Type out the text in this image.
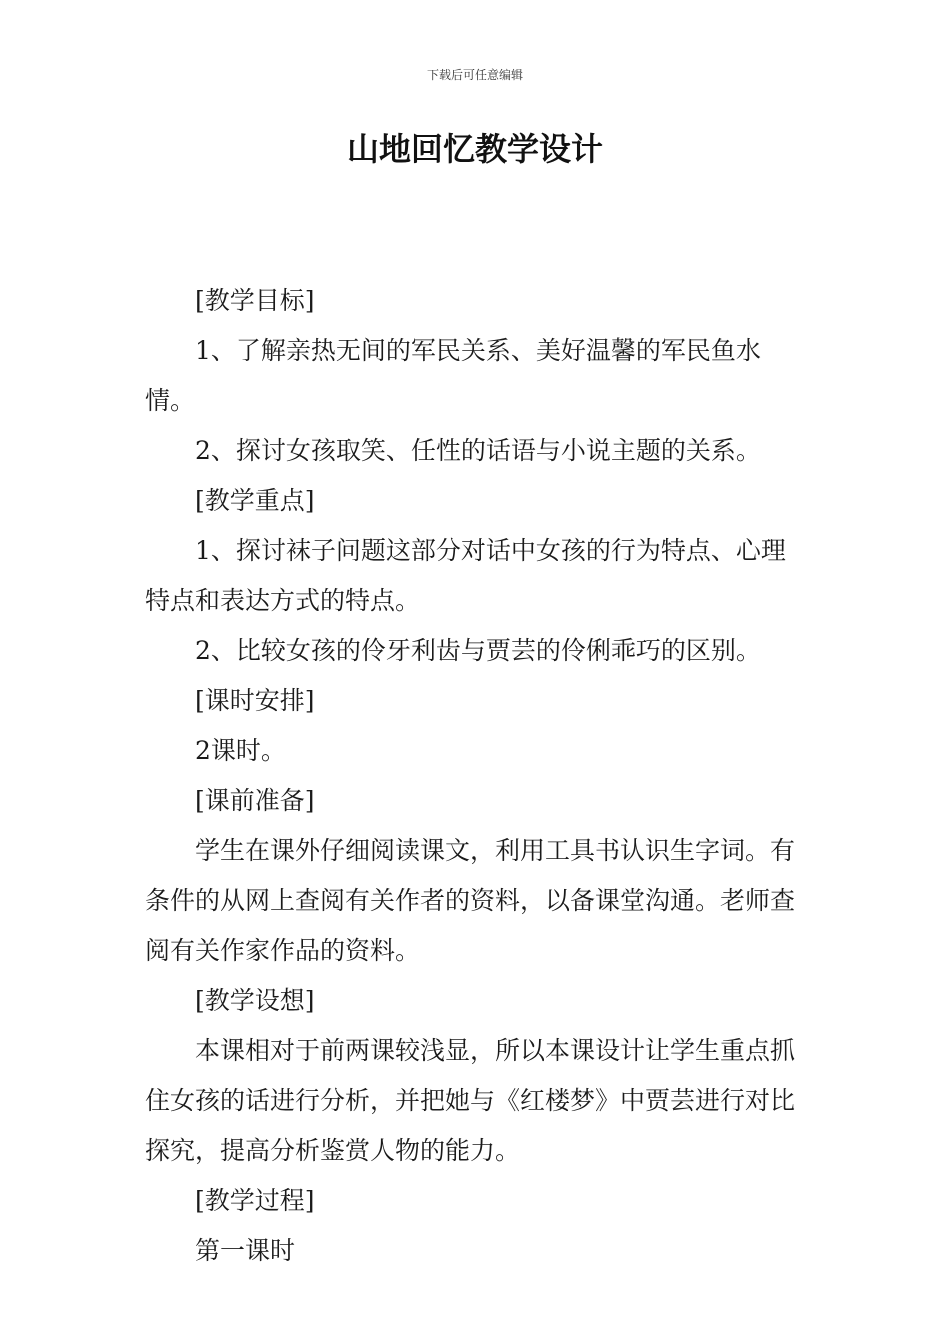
下载后可任意编辑
山地回忆教学设计

[教学目标]

1、了解亲热无间的军民关系、美好温馨的军民鱼水情。

2、探讨女孩取笑、任性的话语与小说主题的关系。

[教学重点]

1、探讨袜子问题这部分对话中女孩的行为特点、心理特点和表达方式的特点。

2、比较女孩的伶牙利齿与贾芸的伶俐乖巧的区别。

[课时安排]

2课时。

[课前准备]

学生在课外仔细阅读课文，利用工具书认识生字词。有条件的从网上查阅有关作者的资料，以备课堂沟通。老师查阅有关作家作品的资料。

[教学设想]

本课相对于前两课较浅显，所以本课设计让学生重点抓住女孩的话进行分析，并把她与《红楼梦》中贾芸进行对比探究，提高分析鉴赏人物的能力。

[教学过程]

第一课时
